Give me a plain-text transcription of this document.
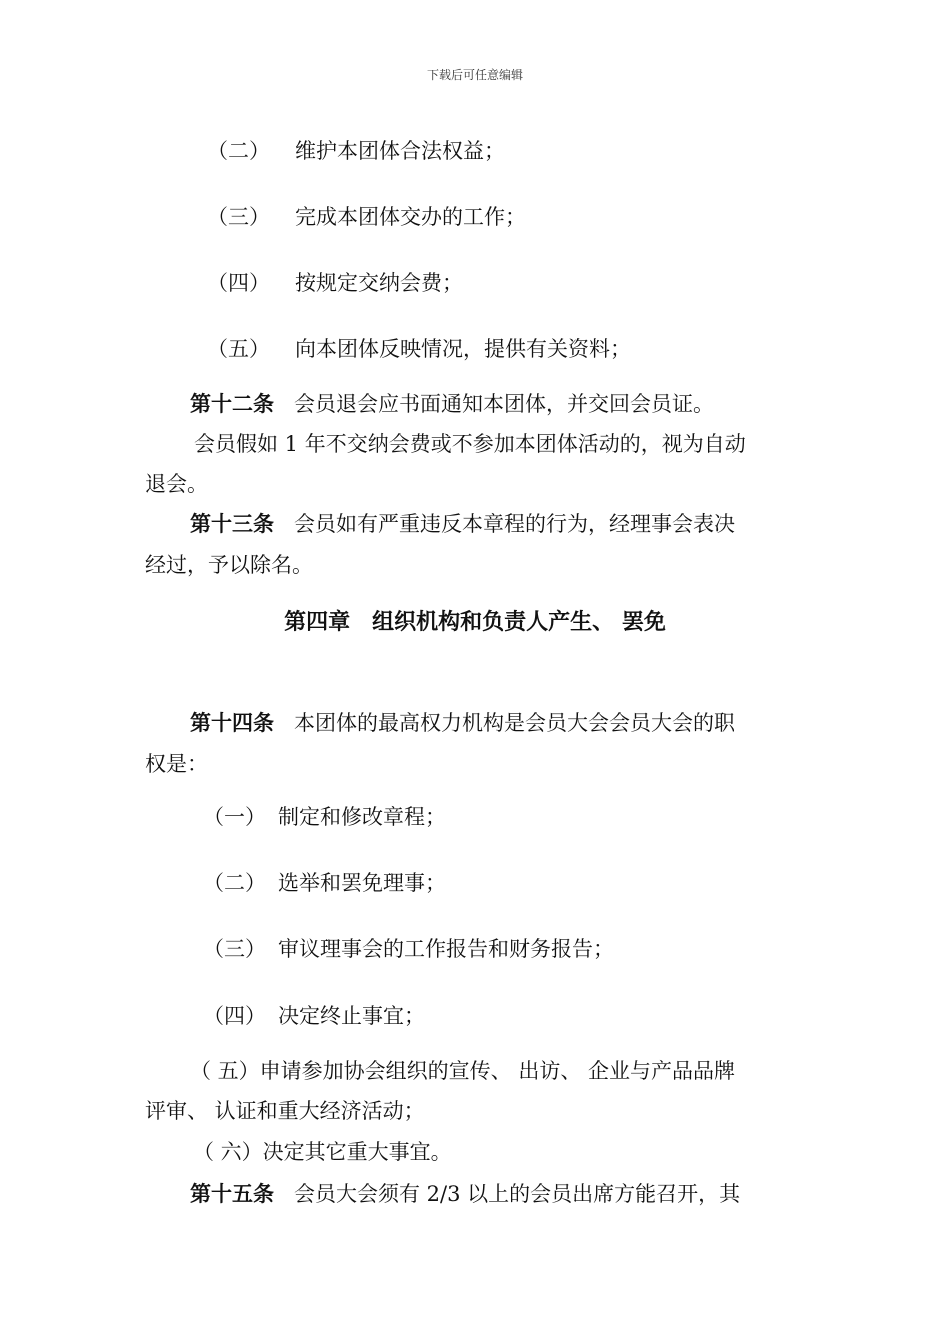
下载后可任意编辑
（二） 维护本团体合法权益；
（三） 完成本团体交办的工作；
（四） 按规定交纳会费；
（五） 向本团体反映情况，提供有关资料；
第十二条 会员退会应书面通知本团体，并交回会员证。
会员假如 1 年不交纳会费或不参加本团体活动的，视为自动
退会。
第十三条 会员如有严重违反本章程的行为，经理事会表决
经过，予以除名。
第四章　组织机构和负责人产生、 罢免
第十四条 本团体的最高权力机构是会员大会会员大会的职
权是：
（一） 制定和修改章程；
（二） 选举和罢免理事；
（三） 审议理事会的工作报告和财务报告；
（四） 决定终止事宜；
（ 五）申请参加协会组织的宣传、 出访、 企业与产品品牌
评审、 认证和重大经济活动；
（ 六）决定其它重大事宜。
第十五条 会员大会须有 2/3 以上的会员出席方能召开，其
